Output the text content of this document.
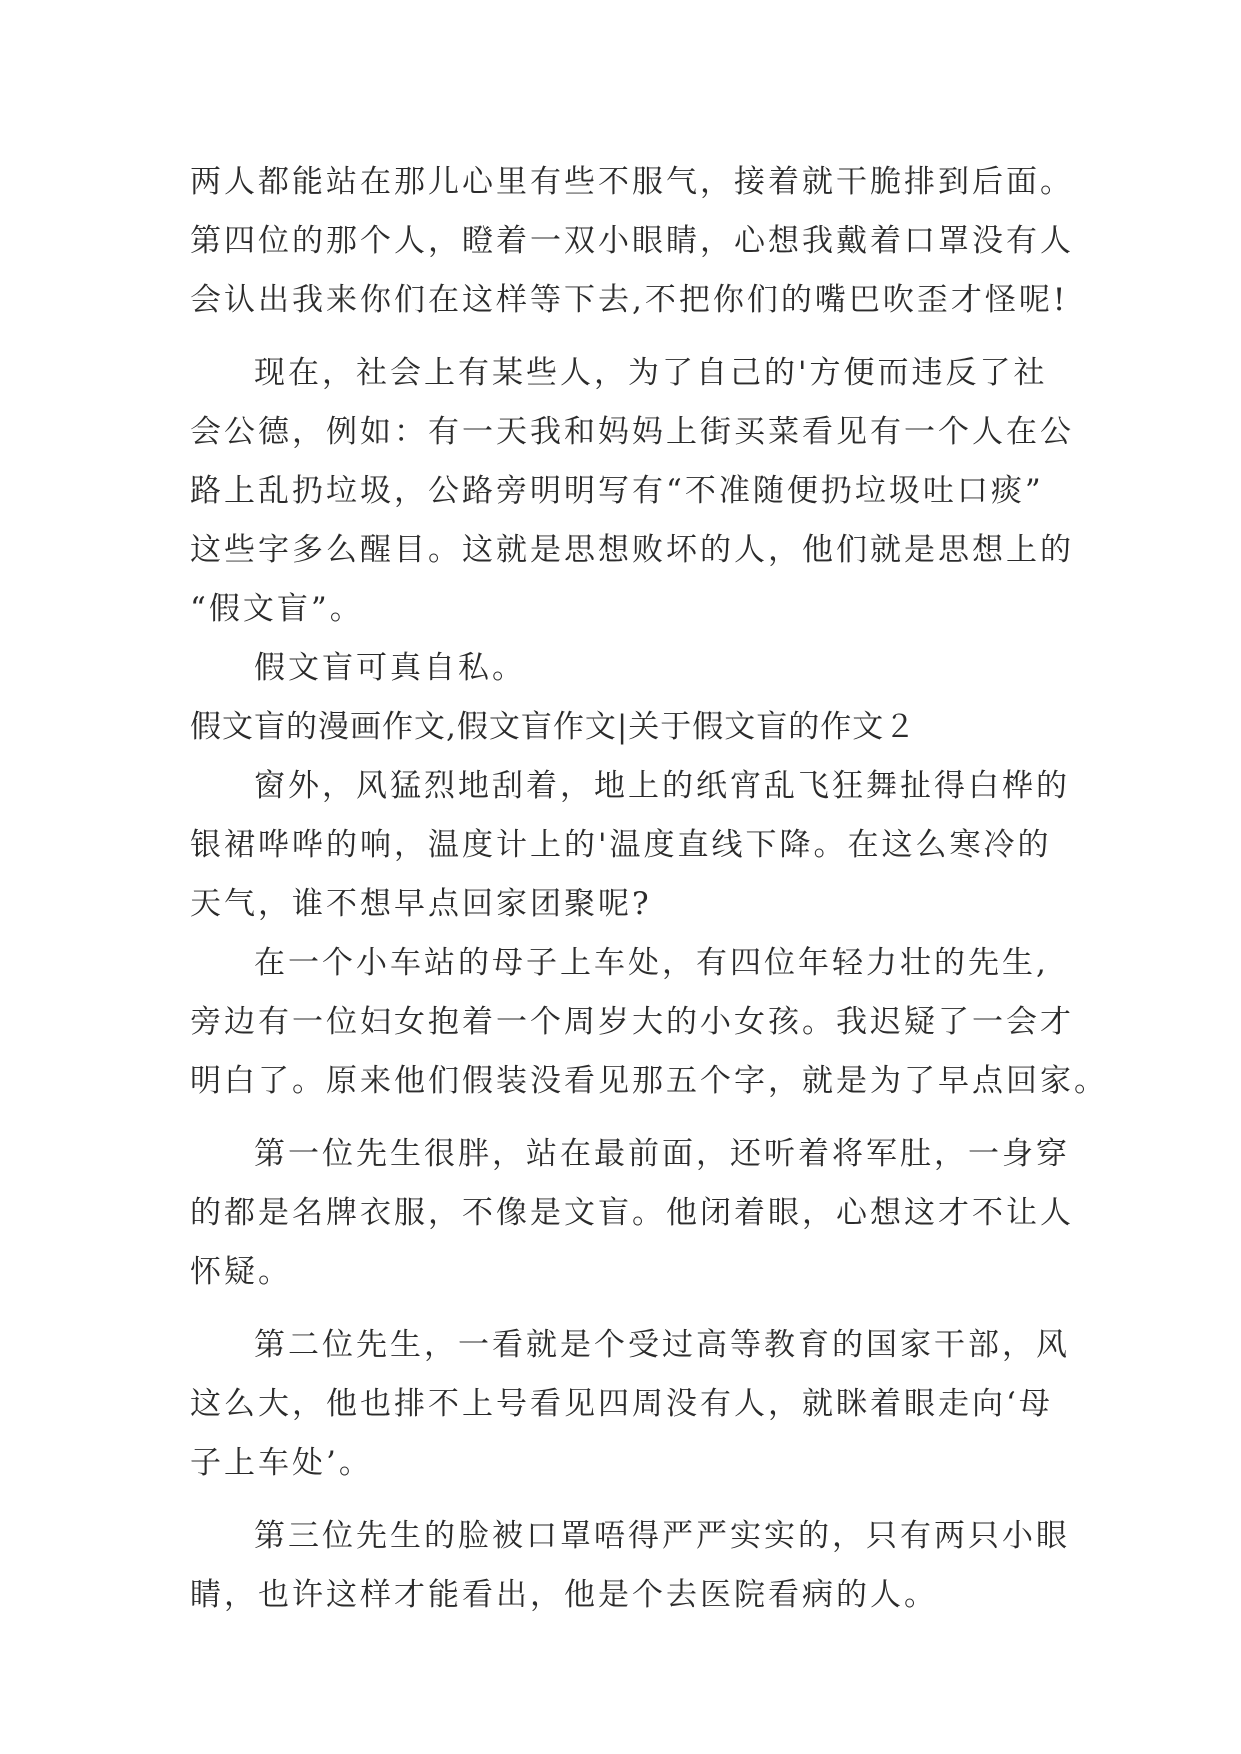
两人都能站在那儿心里有些不服气，接着就干脆排到后面。
第四位的那个人，瞪着一双小眼睛，心想我戴着口罩没有人
会认出我来你们在这样等下去,不把你们的嘴巴吹歪才怪呢!
现在，社会上有某些人，为了自己的'方便而违反了社
会公德，例如：有一天我和妈妈上街买菜看见有一个人在公
路上乱扔垃圾，公路旁明明写有“不准随便扔垃圾吐口痰”
这些字多么醒目。这就是思想败坏的人，他们就是思想上的
“假文盲”。
假文盲可真自私。
假文盲的漫画作文,假文盲作文|关于假文盲的作文２
窗外，风猛烈地刮着，地上的纸宵乱飞狂舞扯得白桦的
银裙哗哗的响，温度计上的'温度直线下降。在这么寒冷的
天气，谁不想早点回家团聚呢?
在一个小车站的母子上车处，有四位年轻力壮的先生,
旁边有一位妇女抱着一个周岁大的小女孩。我迟疑了一会才
明白了。原来他们假装没看见那五个字，就是为了早点回家。
第一位先生很胖，站在最前面，还听着将军肚，一身穿
的都是名牌衣服，不像是文盲。他闭着眼，心想这才不让人
怀疑。
第二位先生，一看就是个受过高等教育的国家干部，风
这么大，他也排不上号看见四周没有人，就眯着眼走向‘母
子上车处’。
第三位先生的脸被口罩唔得严严实实的，只有两只小眼
睛，也许这样才能看出，他是个去医院看病的人。
